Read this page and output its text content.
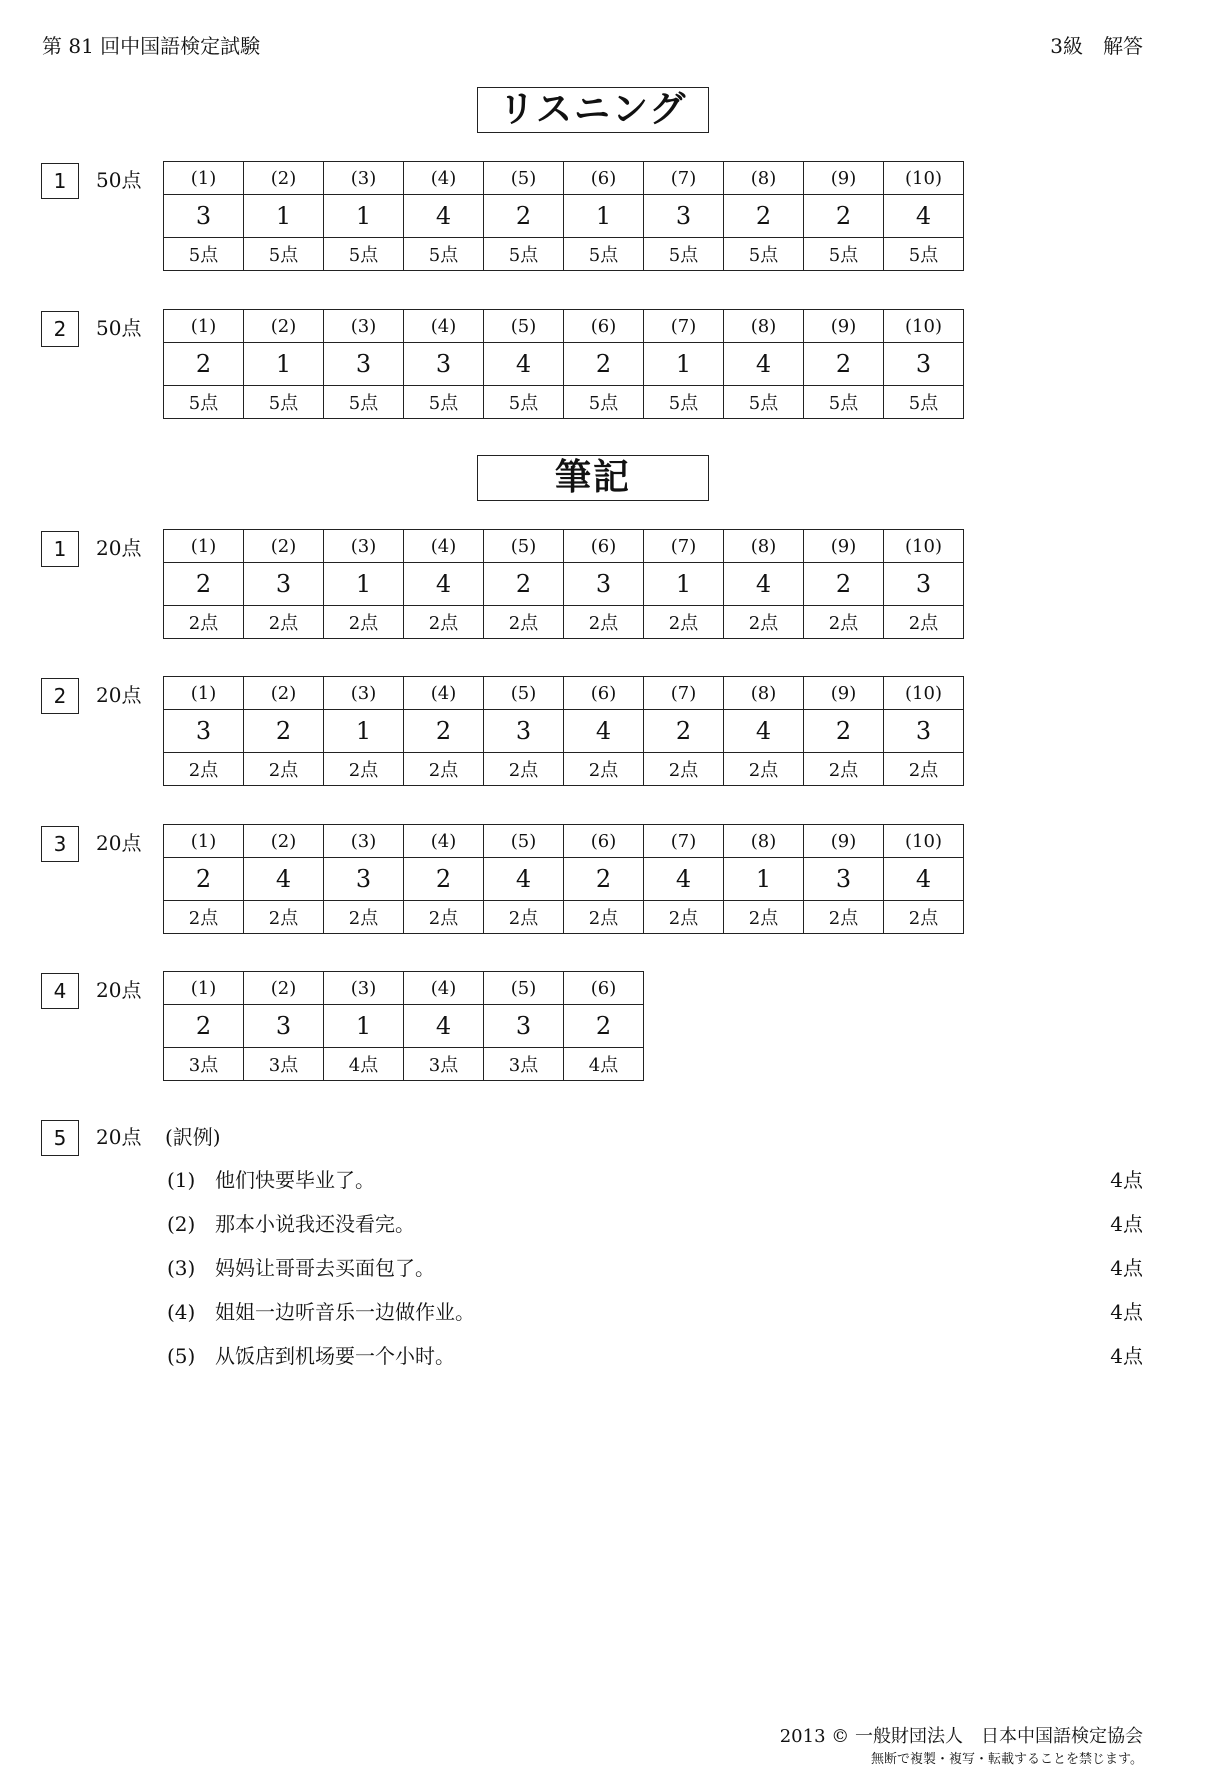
第 81 回中国語検定試験	3級　解答
リスニング
1	50点	(1)	(2)	(3)	(4)	(5)	(6)	(7)	(8)	(9)	(10)
3	1	1	4	2	1	3	2	2	4
5点	5点	5点	5点	5点	5点	5点	5点	5点	5点
2	50点	(1)	(2)	(3)	(4)	(5)	(6)	(7)	(8)	(9)	(10)
2	1	3	3	4	2	1	4	2	3
5点	5点	5点	5点	5点	5点	5点	5点	5点	5点
筆記
1	20点	(1)	(2)	(3)	(4)	(5)	(6)	(7)	(8)	(9)	(10)
2	3	1	4	2	3	1	4	2	3
2点	2点	2点	2点	2点	2点	2点	2点	2点	2点
2	20点	(1)	(2)	(3)	(4)	(5)	(6)	(7)	(8)	(9)	(10)
3	2	1	2	3	4	2	4	2	3
2点	2点	2点	2点	2点	2点	2点	2点	2点	2点
3	20点	(1)	(2)	(3)	(4)	(5)	(6)	(7)	(8)	(9)	(10)
2	4	3	2	4	2	4	1	3	4
2点	2点	2点	2点	2点	2点	2点	2点	2点	2点
4	20点	(1)	(2)	(3)	(4)	(5)	(6)
2	3	1	4	3	2
3点	3点	4点	3点	3点	4点
5	20点 (訳例)
(1) 他们快要毕业了。	4点
(2) 那本小说我还没看完。	4点
(3) 妈妈让哥哥去买面包了。	4点
(4) 姐姐一边听音乐一边做作业。	4点
(5) 从饭店到机场要一个小时。	4点
2013 © 一般財団法人　日本中国語検定協会
無断で複製・複写・転載することを禁じます。
